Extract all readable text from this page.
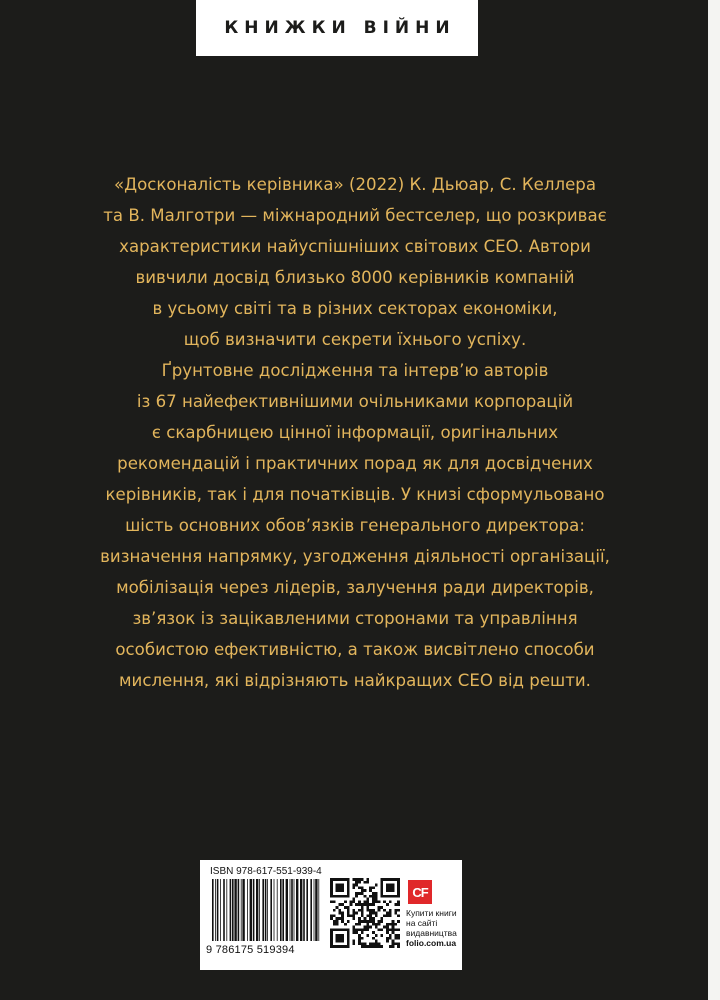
КНИЖКИ ВІЙНИ
«Досконалість керівника» (2022) К. Дьюар, С. Келлера
та В. Малготри — міжнародний бестселер, що розкриває
характеристики найуспішніших світових CEO. Автори
вивчили досвід близько 8000 керівників компаній
в усьому світі та в різних секторах економіки,
щоб визначити секрети їхнього успіху.
Ґрунтовне дослідження та інтерв’ю авторів
із 67 найефективнішими очільниками корпорацій
є скарбницею цінної інформації, оригінальних
рекомендацій і практичних порад як для досвідчених
керівників, так і для початківців. У книзі сформульовано
шість основних обов’язків генерального директора:
визначення напрямку, узгодження діяльності організації,
мобілізація через лідерів, залучення ради директорів,
зв’язок із зацікавленими сторонами та управління
особистою ефективністю, а також висвітлено способи
мислення, які відрізняють найкращих CEO від решти.
ISBN 978-617-551-939-4
9 786175 519394
CF
Купити книги
на сайті
видавництва
folio.com.ua
